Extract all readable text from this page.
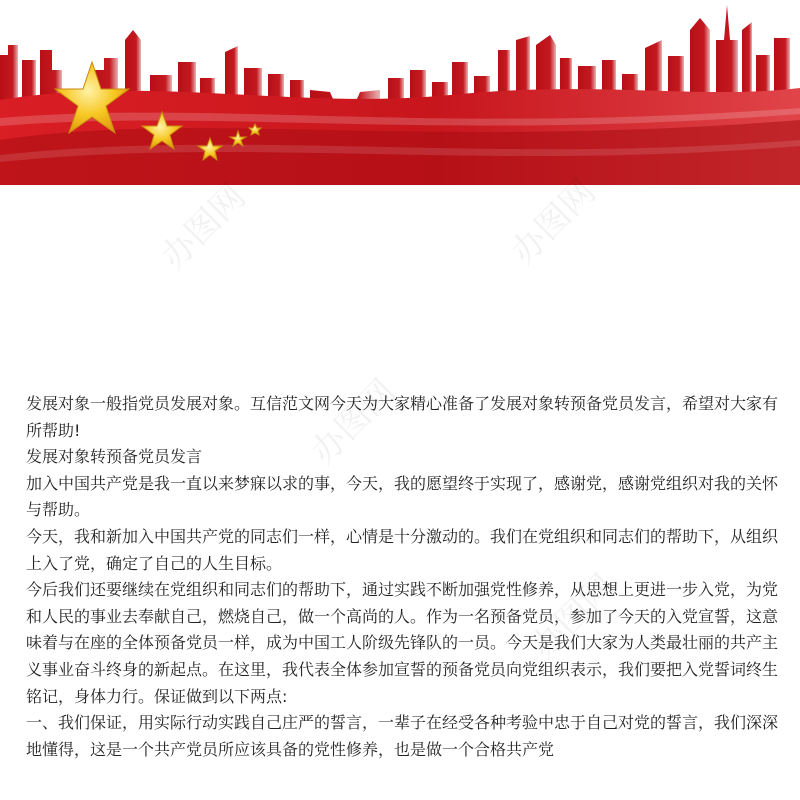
办图网	办图网
办图网
办图网

发展对象一般指党员发展对象。互信范文网今天为大家精心准备了发展对象转预备党员发言，希望对大家有所帮助!

发展对象转预备党员发言

加入中国共产党是我一直以来梦寐以求的事，今天，我的愿望终于实现了，感谢党，感谢党组织对我的关怀与帮助。

今天，我和新加入中国共产党的同志们一样，心情是十分激动的。我们在党组织和同志们的帮助下，从组织上入了党，确定了自己的人生目标。

今后我们还要继续在党组织和同志们的帮助下，通过实践不断加强党性修养，从思想上更进一步入党，为党和人民的事业去奉献自己，燃烧自己，做一个高尚的人。作为一名预备党员，参加了今天的入党宣誓，这意味着与在座的全体预备党员一样，成为中国工人阶级先锋队的一员。今天是我们大家为人类最壮丽的共产主义事业奋斗终身的新起点。在这里，我代表全体参加宣誓的预备党员向党组织表示，我们要把入党誓词终生铭记，身体力行。保证做到以下两点:

一、我们保证，用实际行动实践自己庄严的誓言，一辈子在经受各种考验中忠于自己对党的誓言，我们深深地懂得，这是一个共产党员所应该具备的党性修养，也是做一个合格共产党
